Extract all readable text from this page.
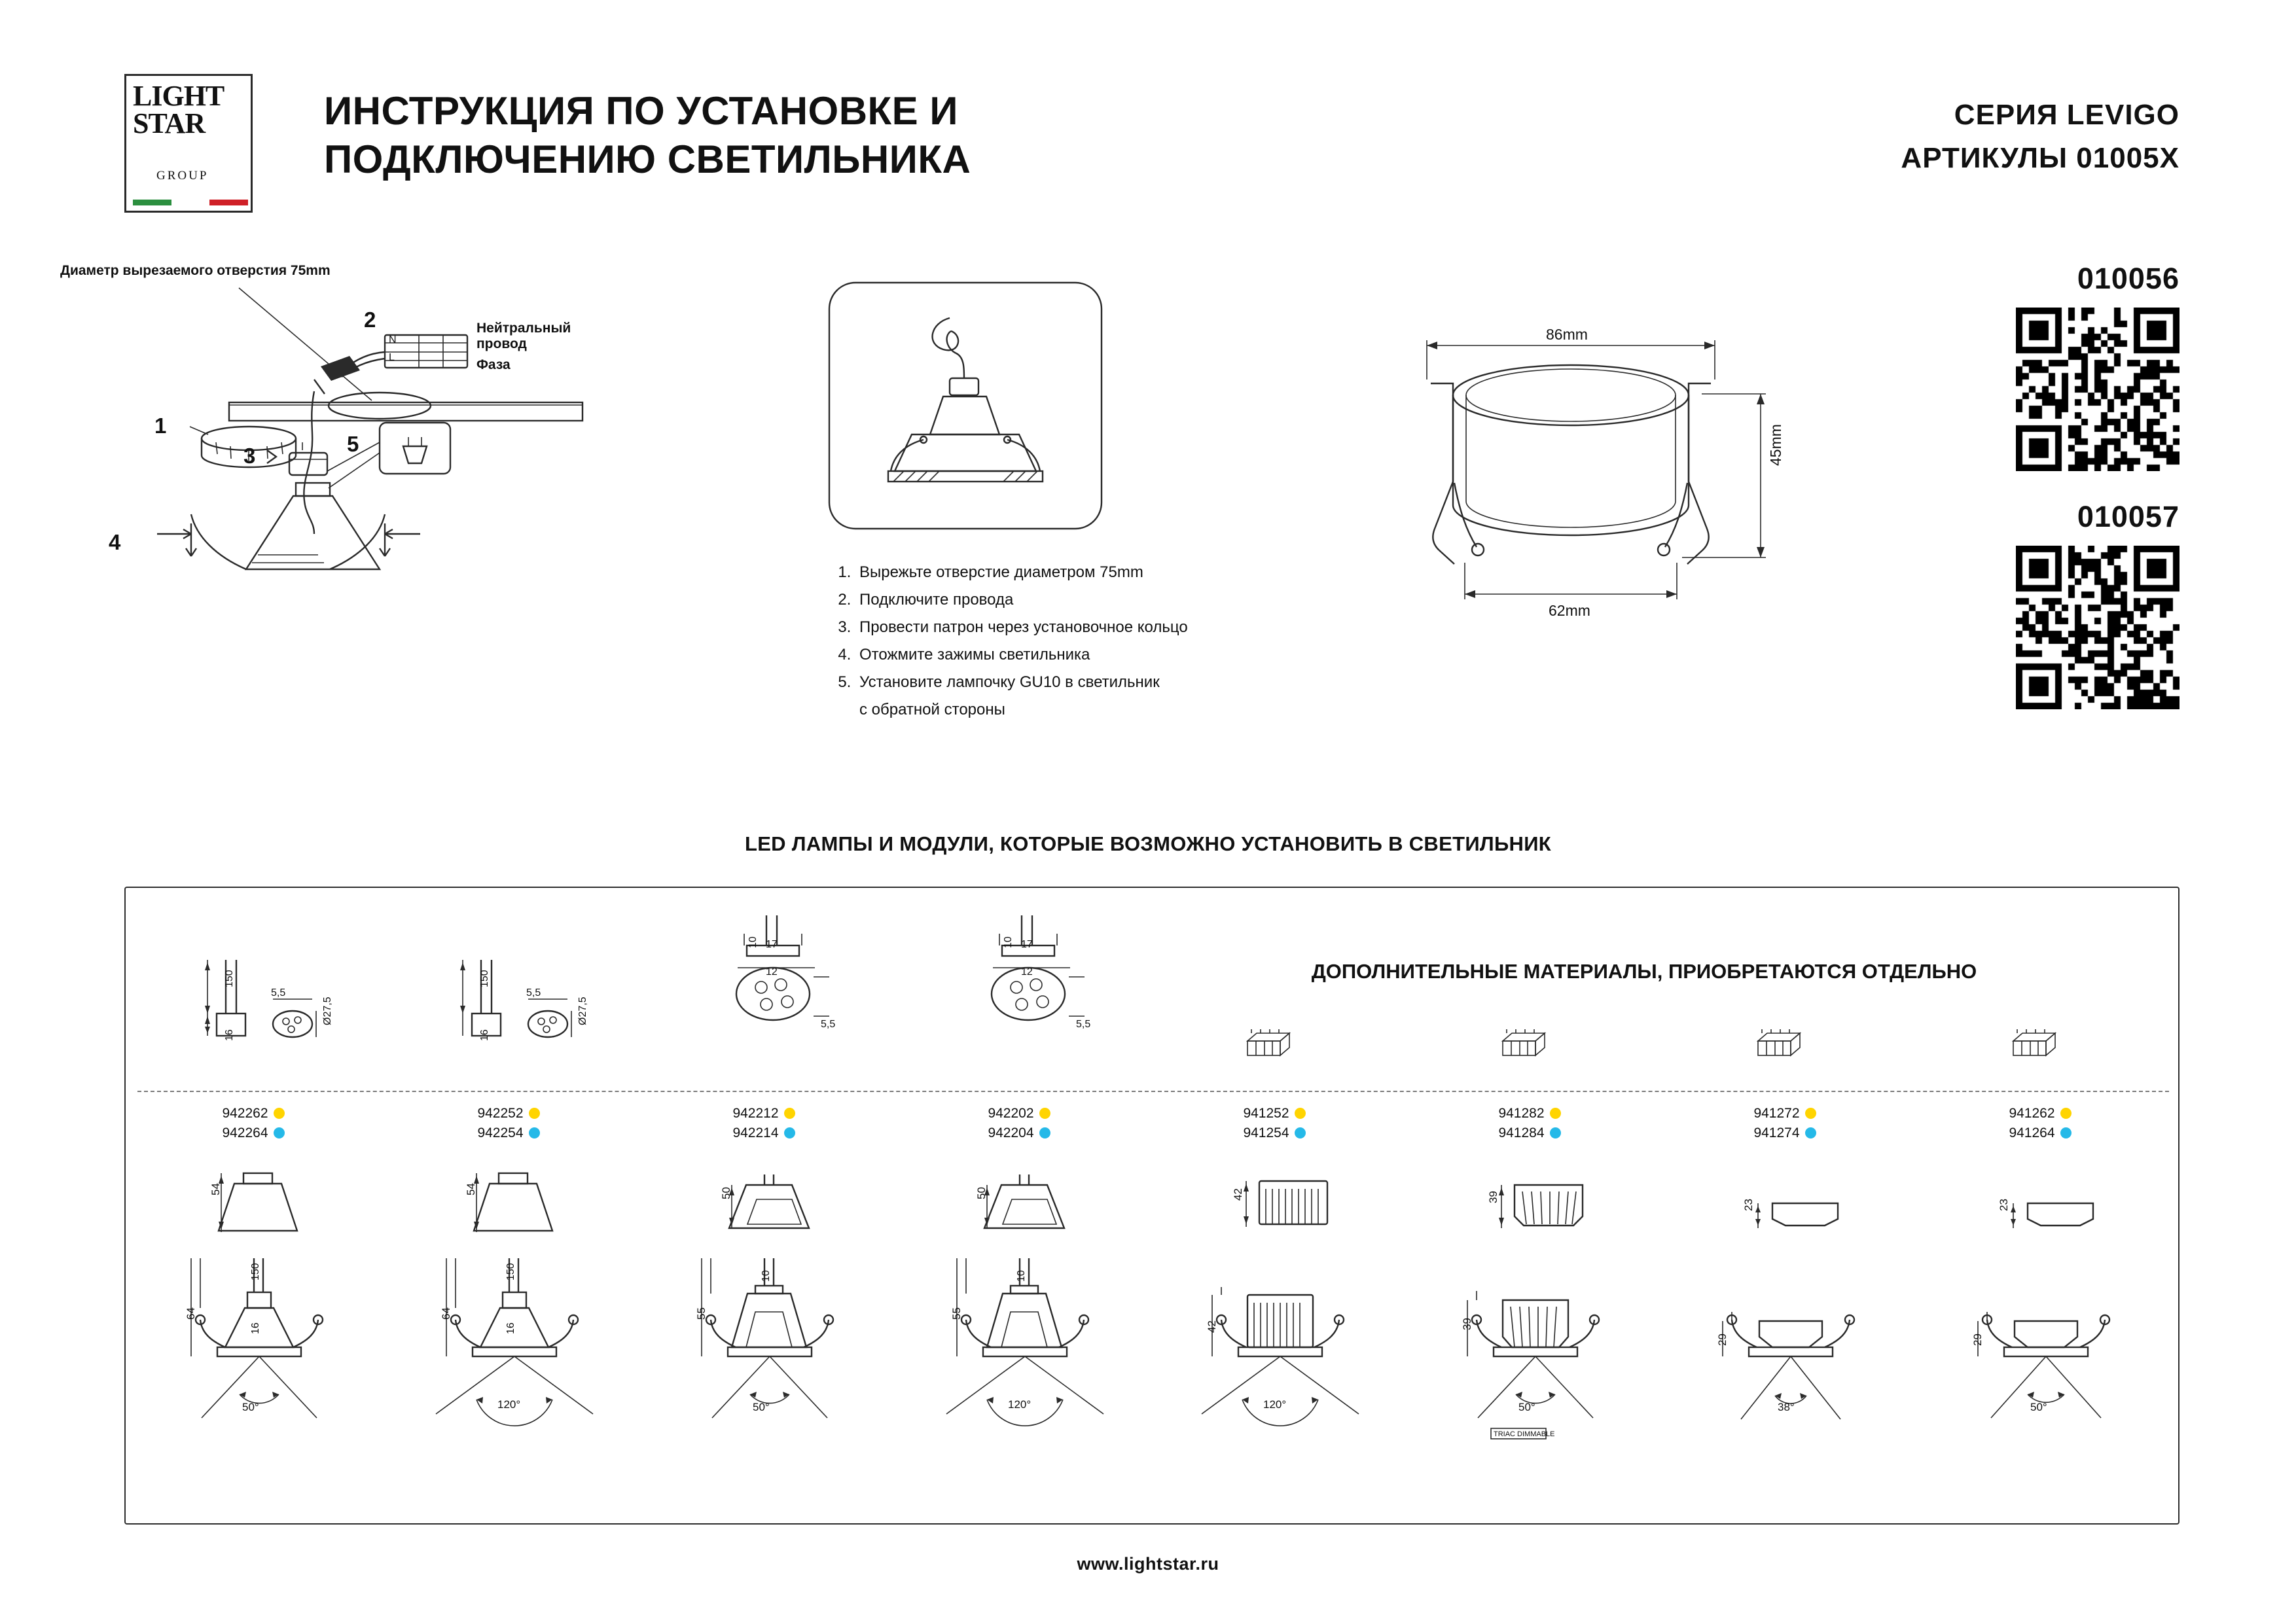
LIGHT
STAR
GROUP
ИНСТРУКЦИЯ ПО УСТАНОВКЕ И
ПОДКЛЮЧЕНИЮ СВЕТИЛЬНИКА
СЕРИЯ LEVIGO
АРТИКУЛЫ 01005X
010056
010057
N
L
Диаметр вырезаемого отверстия 75mm
Нейтральный
провод
Фаза
1
2
3
4
5
1. Вырежьте отверстие диаметром 75mm
2. Подключите провода
3. Провести патрон через установочное кольцо
4. Отожмите зажимы светильника
5. Установите лампочку GU10 в светильник
с обратной стороны
86mm
45mm
62mm
LED ЛАМПЫ И МОДУЛИ, КОТОРЫЕ ВОЗМОЖНО УСТАНОВИТЬ В СВЕТИЛЬНИК
ДОПОЛНИТЕЛЬНЫЕ МАТЕРИАЛЫ, ПРИОБРЕТАЮТСЯ ОТДЕЛЬНО
150
16
5,5
Ø27,5
942262
942264
54
150
16
64
50°
150
16
5,5
Ø27,5
942252
942254
54
150
16
64
120°
10 17
12
5,5
942212
942214
50
10
55
50°
10 17
12
5,5
942202
942204
50
10
55
120°
941252
941254
42
42
120°
941282
941284
39
TRIAC DIMMABLE
39
50°
941272
941274
23
29
38°
941262
941264
23
29
50°
www.lightstar.ru
